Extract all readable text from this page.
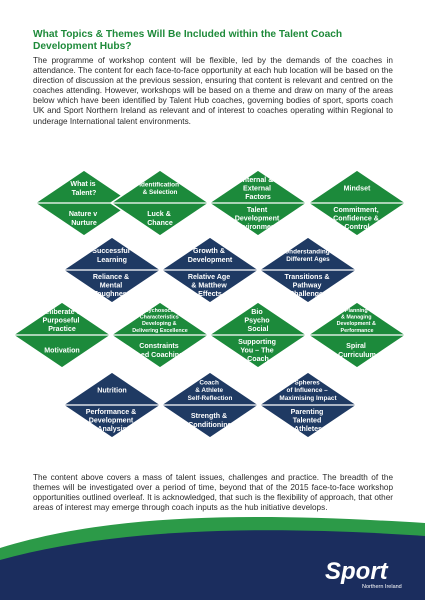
What Topics & Themes Will Be Included within the Talent Coach Development Hubs?

The programme of workshop content will be flexible, led by the demands of the coaches in attendance. The content for each face-to-face opportunity at each hub location will be based on the direction of discussion at the previous session, ensuring that content is relevant and centred on the coaches attending. However, workshops will be based on a theme and draw on many of the areas below which have been identified by Talent Hub coaches, governing bodies of sport, sports coach UK and Sport Northern Ireland as relevant and of interest to coaches operating within Regional to underage International talent environments.

What is Talent?
Nature v Nurture
Identification & Selection
Luck & Chance
Internal & External Factors
Talent Development Environments
Mindset
Commitment, Confidence & Control
Successful Learning
Reliance & Mental Toughness
Growth & Development
Relative Age & Matthew Effects
Understanding Different Ages
Transitions & Pathway Challenges
Deliberate & Purposeful Practice
Motivation
Psychosocial Characteristics Developing & Delivering Excellence
Constraints Led Coaching
Bio Psycho Social
Supporting You – The Coach
Planning & Managing Development & Performance
Spiral Curriculum
Nutrition
Performance & Development Analysis
Coach & Athlete Self-Reflection
Strength & Conditioning
Spheres of Influence – Maximising Impact
Parenting Talented Athletes

The content above covers a mass of talent issues, challenges and practice. The breadth of the themes will be investigated over a period of time, beyond that of the 2015 face-to-face workshop opportunities outlined overleaf. It is acknowledged, that such is the flexibility of approach, that other areas of interest may emerge through coach inputs as the hub initiative develops.

Sport
Northern Ireland
